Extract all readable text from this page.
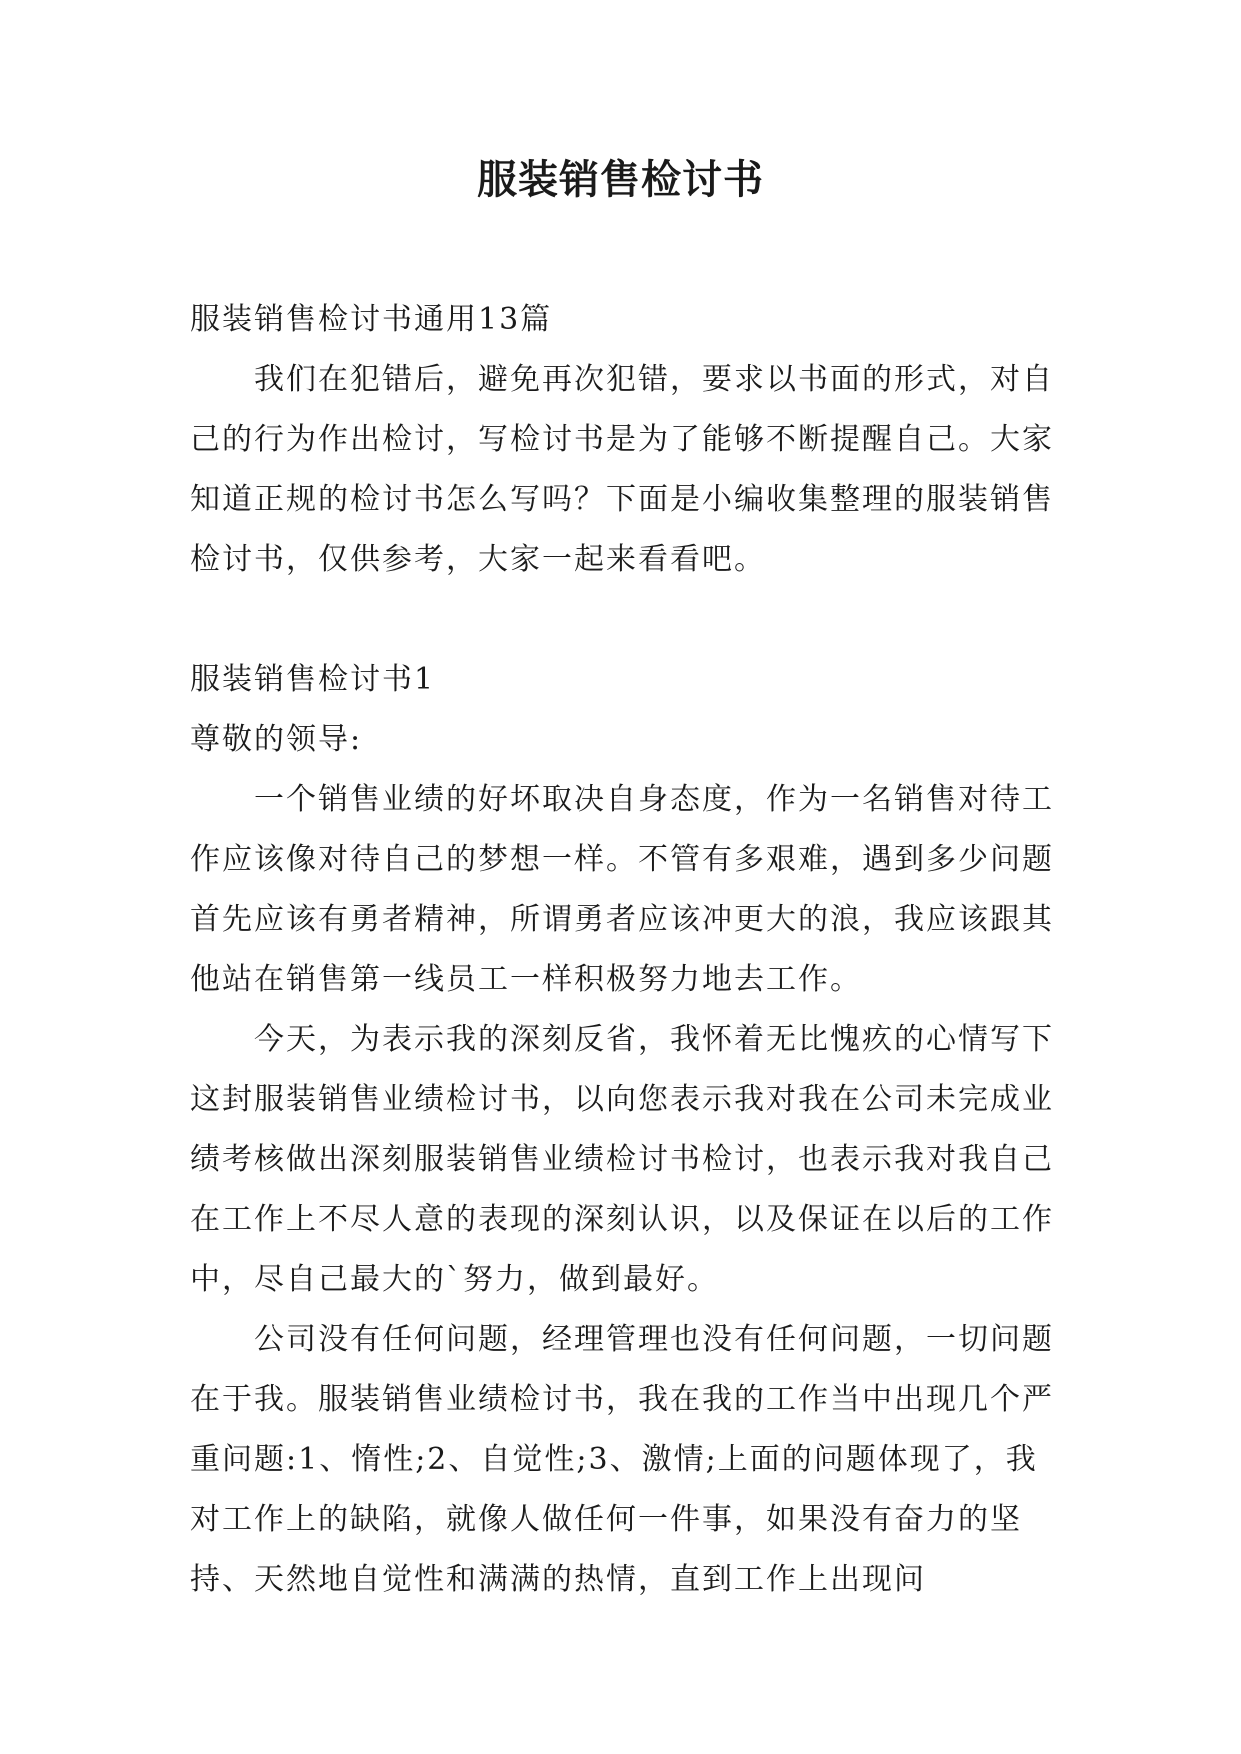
服装销售检讨书

服装销售检讨书通用13篇

我们在犯错后，避免再次犯错，要求以书面的形式，对自己的行为作出检讨，写检讨书是为了能够不断提醒自己。大家知道正规的检讨书怎么写吗？下面是小编收集整理的服装销售检讨书，仅供参考，大家一起来看看吧。

服装销售检讨书1

尊敬的领导:

一个销售业绩的好坏取决自身态度，作为一名销售对待工作应该像对待自己的梦想一样。不管有多艰难，遇到多少问题首先应该有勇者精神，所谓勇者应该冲更大的浪，我应该跟其他站在销售第一线员工一样积极努力地去工作。

今天，为表示我的深刻反省，我怀着无比愧疚的心情写下这封服装销售业绩检讨书，以向您表示我对我在公司未完成业绩考核做出深刻服装销售业绩检讨书检讨，也表示我对我自己在工作上不尽人意的表现的深刻认识，以及保证在以后的工作中，尽自己最大的`努力，做到最好。

公司没有任何问题，经理管理也没有任何问题，一切问题在于我。服装销售业绩检讨书，我在我的工作当中出现几个严重问题:1、惰性;2、自觉性;3、激情;上面的问题体现了，我对工作上的缺陷，就像人做任何一件事，如果没有奋力的坚持、天然地自觉性和满满的热情，直到工作上出现问
